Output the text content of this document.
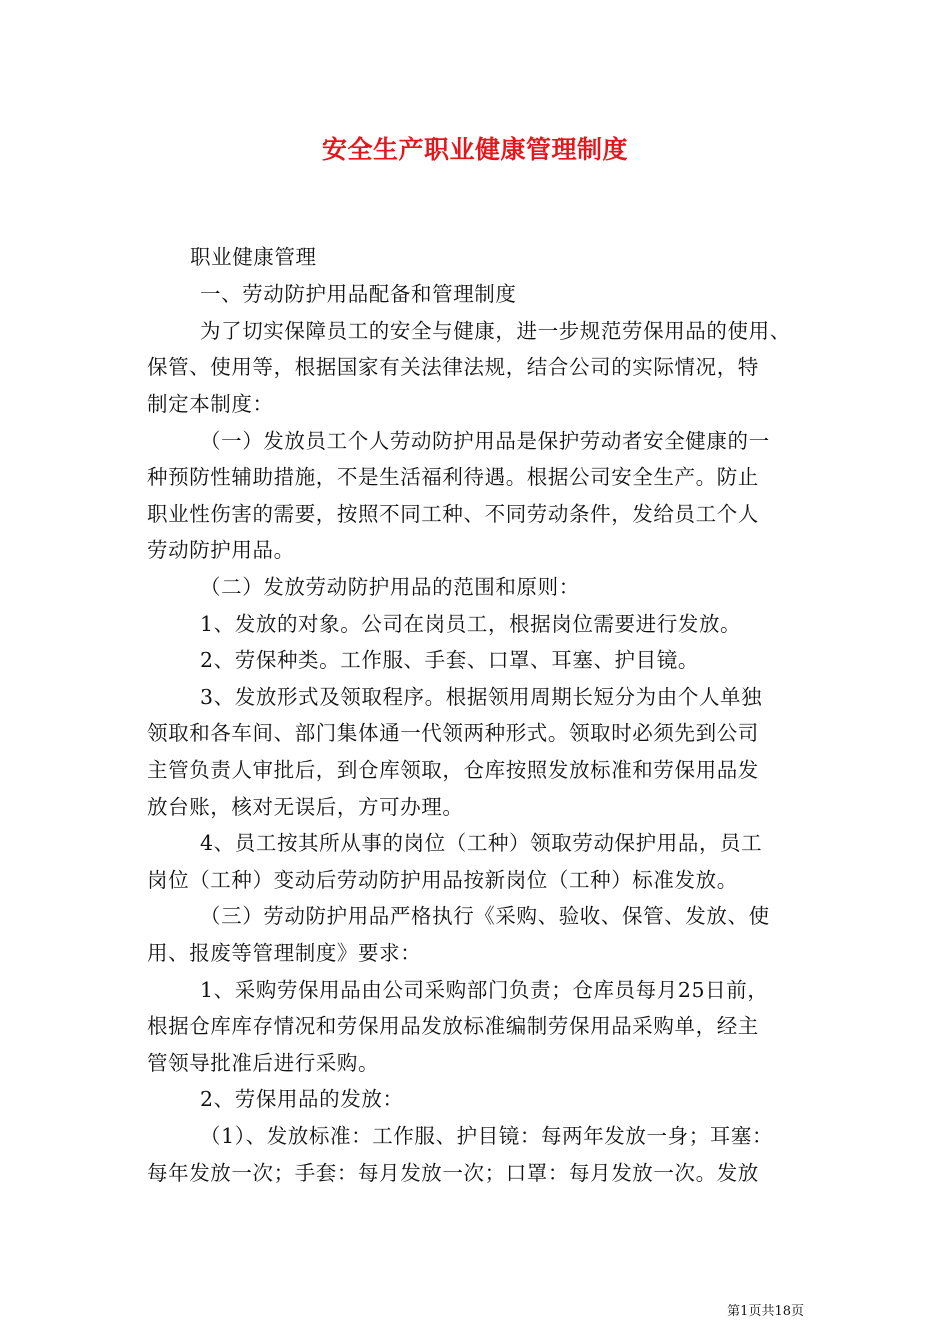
安全生产职业健康管理制度
职业健康管理
一、劳动防护用品配备和管理制度
为了切实保障员工的安全与健康，进一步规范劳保用品的使用、
保管、使用等，根据国家有关法律法规，结合公司的实际情况，特
制定本制度：
（一）发放员工个人劳动防护用品是保护劳动者安全健康的一
种预防性辅助措施，不是生活福利待遇。根据公司安全生产。防止
职业性伤害的需要，按照不同工种、不同劳动条件，发给员工个人
劳动防护用品。
（二）发放劳动防护用品的范围和原则：
1、发放的对象。公司在岗员工，根据岗位需要进行发放。
2、劳保种类。工作服、手套、口罩、耳塞、护目镜。
3、发放形式及领取程序。根据领用周期长短分为由个人单独
领取和各车间、部门集体通一代领两种形式。领取时必须先到公司
主管负责人审批后，到仓库领取，仓库按照发放标准和劳保用品发
放台账，核对无误后，方可办理。
4、员工按其所从事的岗位（工种）领取劳动保护用品，员工
岗位（工种）变动后劳动防护用品按新岗位（工种）标准发放。
（三）劳动防护用品严格执行《采购、验收、保管、发放、使
用、报废等管理制度》要求：
1、采购劳保用品由公司采购部门负责；仓库员每月25日前，
根据仓库库存情况和劳保用品发放标准编制劳保用品采购单，经主
管领导批准后进行采购。
2、劳保用品的发放：
（1）、发放标准：工作服、护目镜：每两年发放一身；耳塞：
每年发放一次；手套：每月发放一次；口罩：每月发放一次。发放
第1页共18页
